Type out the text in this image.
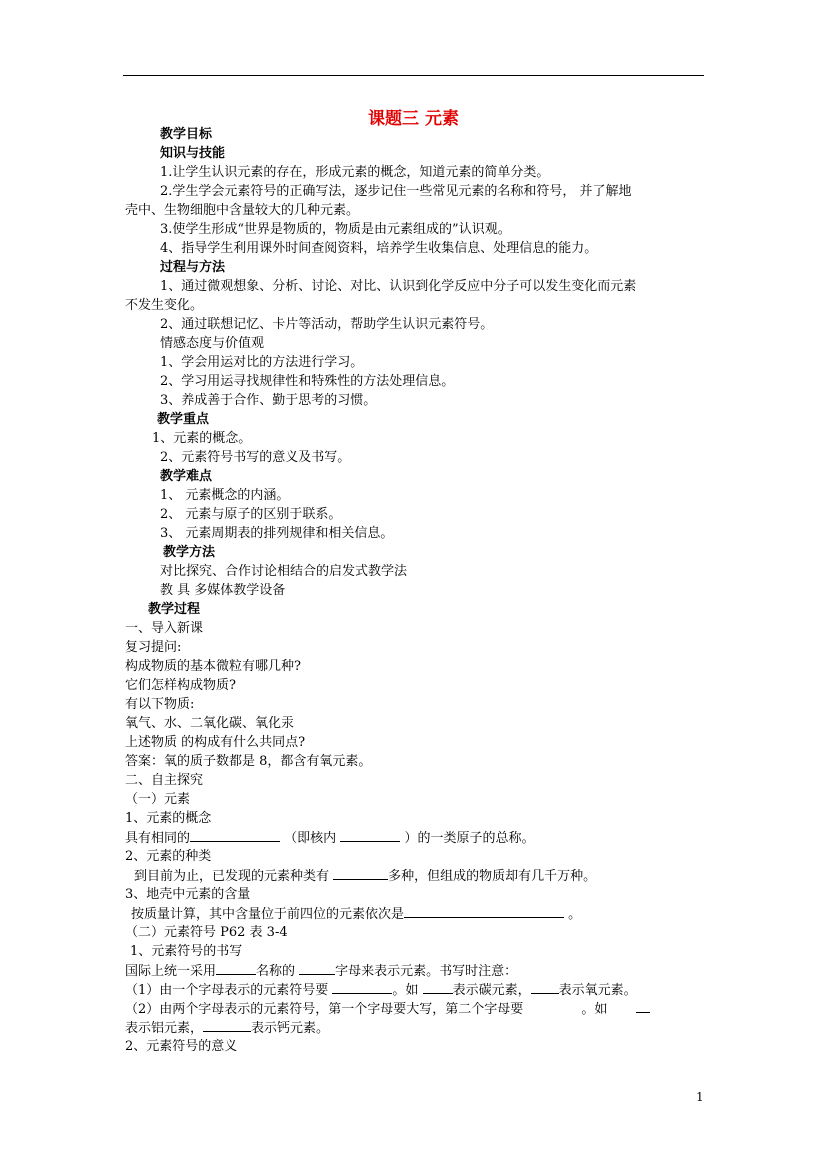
课题三 元素
教学目标
知识与技能
1.让学生认识元素的存在，形成元素的概念，知道元素的简单分类。
2.学生学会元素符号的正确写法，逐步记住一些常见元素的名称和符号， 并了解地
壳中、生物细胞中含量较大的几种元素。
3.使学生形成“世界是物质的，物质是由元素组成的”认识观。
4、指导学生利用课外时间查阅资料，培养学生收集信息、处理信息的能力。
过程与方法
1、通过微观想象、分析、讨论、对比、认识到化学反应中分子可以发生变化而元素
不发生变化。
2、通过联想记忆、卡片等活动，帮助学生认识元素符号。
情感态度与价值观
1、学会用运对比的方法进行学习。
2、学习用运寻找规律性和特殊性的方法处理信息。
3、养成善于合作、勤于思考的习惯。
教学重点
1、元素的概念。
2、元素符号书写的意义及书写。
教学难点
1、 元素概念的内涵。
2、 元素与原子的区别于联系。
3、 元素周期表的排列规律和相关信息。
教学方法
对比探究、合作讨论相结合的启发式教学法
教 具 多媒体教学设备
教学过程
一、导入新课
复习提问:
构成物质的基本微粒有哪几种?
它们怎样构成物质?
有以下物质:
氧气、水、二氧化碳、氧化汞
上述物质 的构成有什么共同点?
答案：氧的质子数都是 8，都含有氧元素。
二、自主探究
（一）元素
1、元素的概念
具有相同的	（即核内	）的一类原子的总称。
2、元素的种类
到目前为止，已发现的元素种类有	多种，但组成的物质却有几千万种。
3、地壳中元素的含量
按质量计算，其中含量位于前四位的元素依次是	。
（二）元素符号 P62 表 3-4
1、元素符号的书写
国际上统一采用	名称的	字母来表示元素。书写时注意：
（1）由一个字母表示的元素符号要	。如	表示碳元素， 表示氧元素。
（2）由两个字母表示的元素符号，第一个字母要大写，第二个字母要	。如
表示铝元素，	表示钙元素。
2、元素符号的意义
1
